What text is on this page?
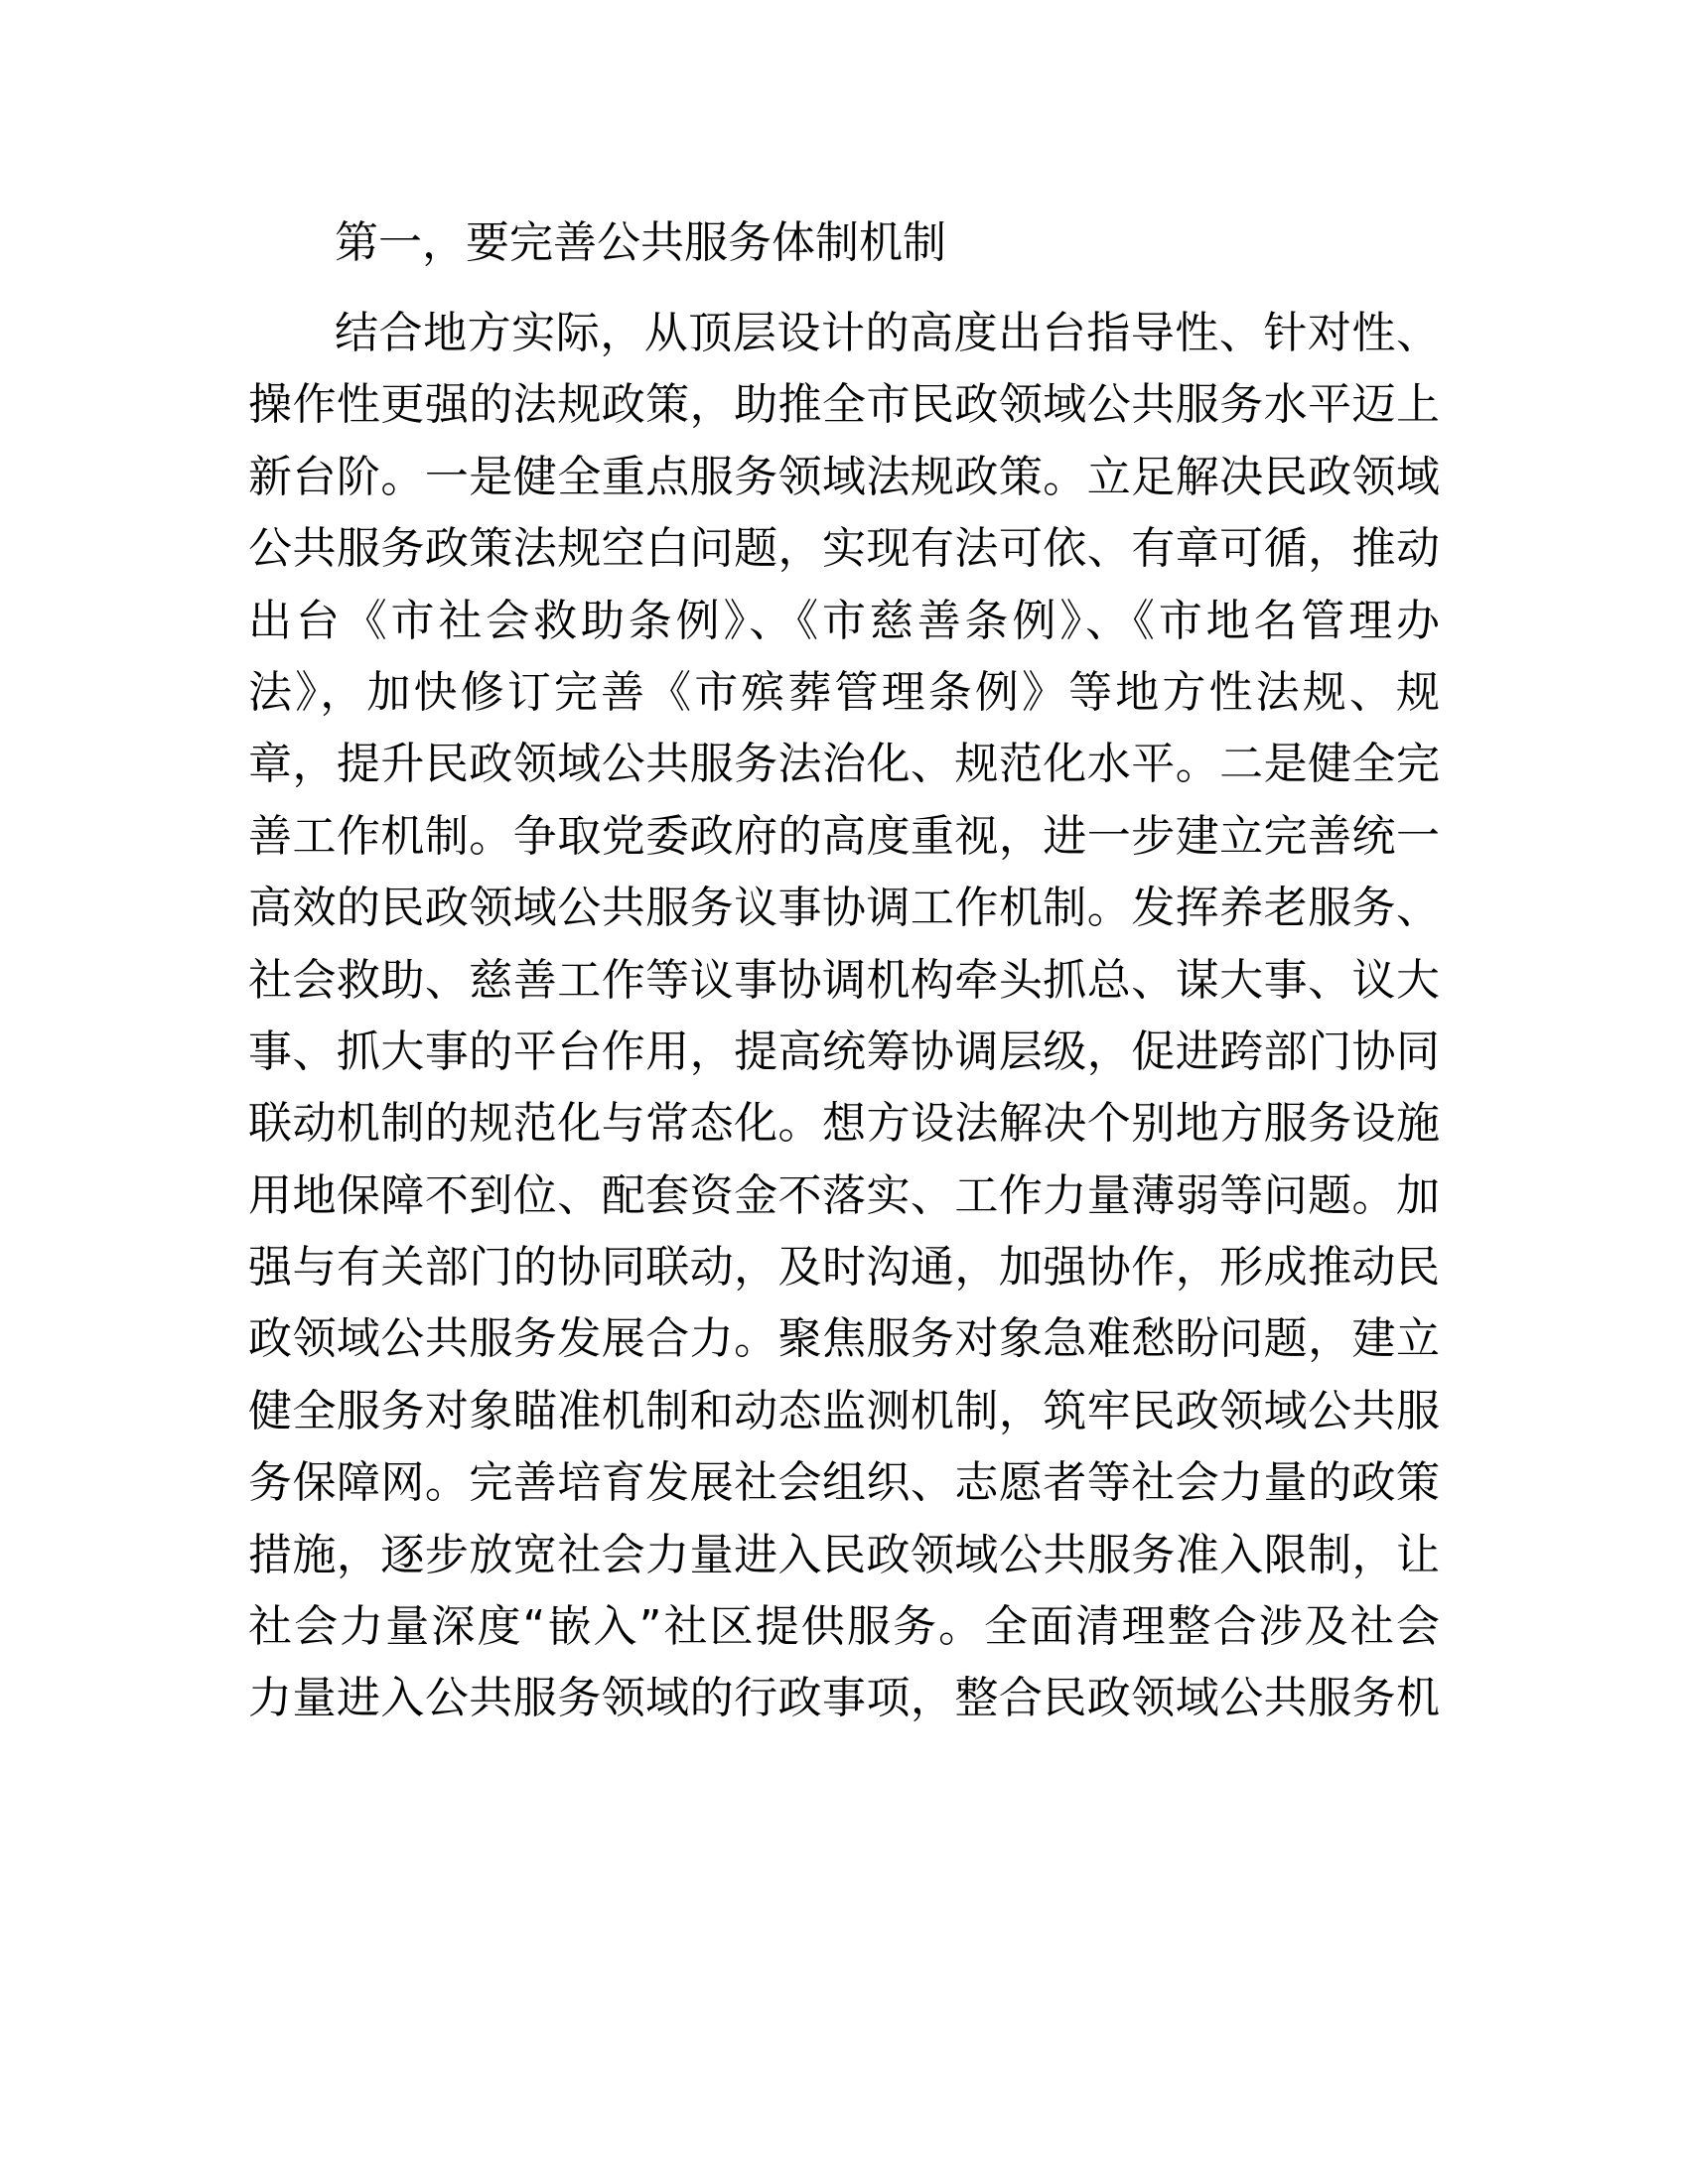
第一，要完善公共服务体制机制
结合地方实际，从顶层设计的高度出台指导性、针对性、
操作性更强的法规政策，助推全市民政领域公共服务水平迈上
新台阶。一是健全重点服务领域法规政策。立足解决民政领域
公共服务政策法规空白问题，实现有法可依、有章可循，推动
出台《市社会救助条例》、《市慈善条例》、《市地名管理办
法》，加快修订完善《市殡葬管理条例》等地方性法规、规
章，提升民政领域公共服务法治化、规范化水平。二是健全完
善工作机制。争取党委政府的高度重视，进一步建立完善统一
高效的民政领域公共服务议事协调工作机制。发挥养老服务、
社会救助、慈善工作等议事协调机构牵头抓总、谋大事、议大
事、抓大事的平台作用，提高统筹协调层级，促进跨部门协同
联动机制的规范化与常态化。想方设法解决个别地方服务设施
用地保障不到位、配套资金不落实、工作力量薄弱等问题。加
强与有关部门的协同联动，及时沟通，加强协作，形成推动民
政领域公共服务发展合力。聚焦服务对象急难愁盼问题，建立
健全服务对象瞄准机制和动态监测机制，筑牢民政领域公共服
务保障网。完善培育发展社会组织、志愿者等社会力量的政策
措施，逐步放宽社会力量进入民政领域公共服务准入限制，让
社会力量深度“嵌入”社区提供服务。全面清理整合涉及社会
力量进入公共服务领域的行政事项，整合民政领域公共服务机
